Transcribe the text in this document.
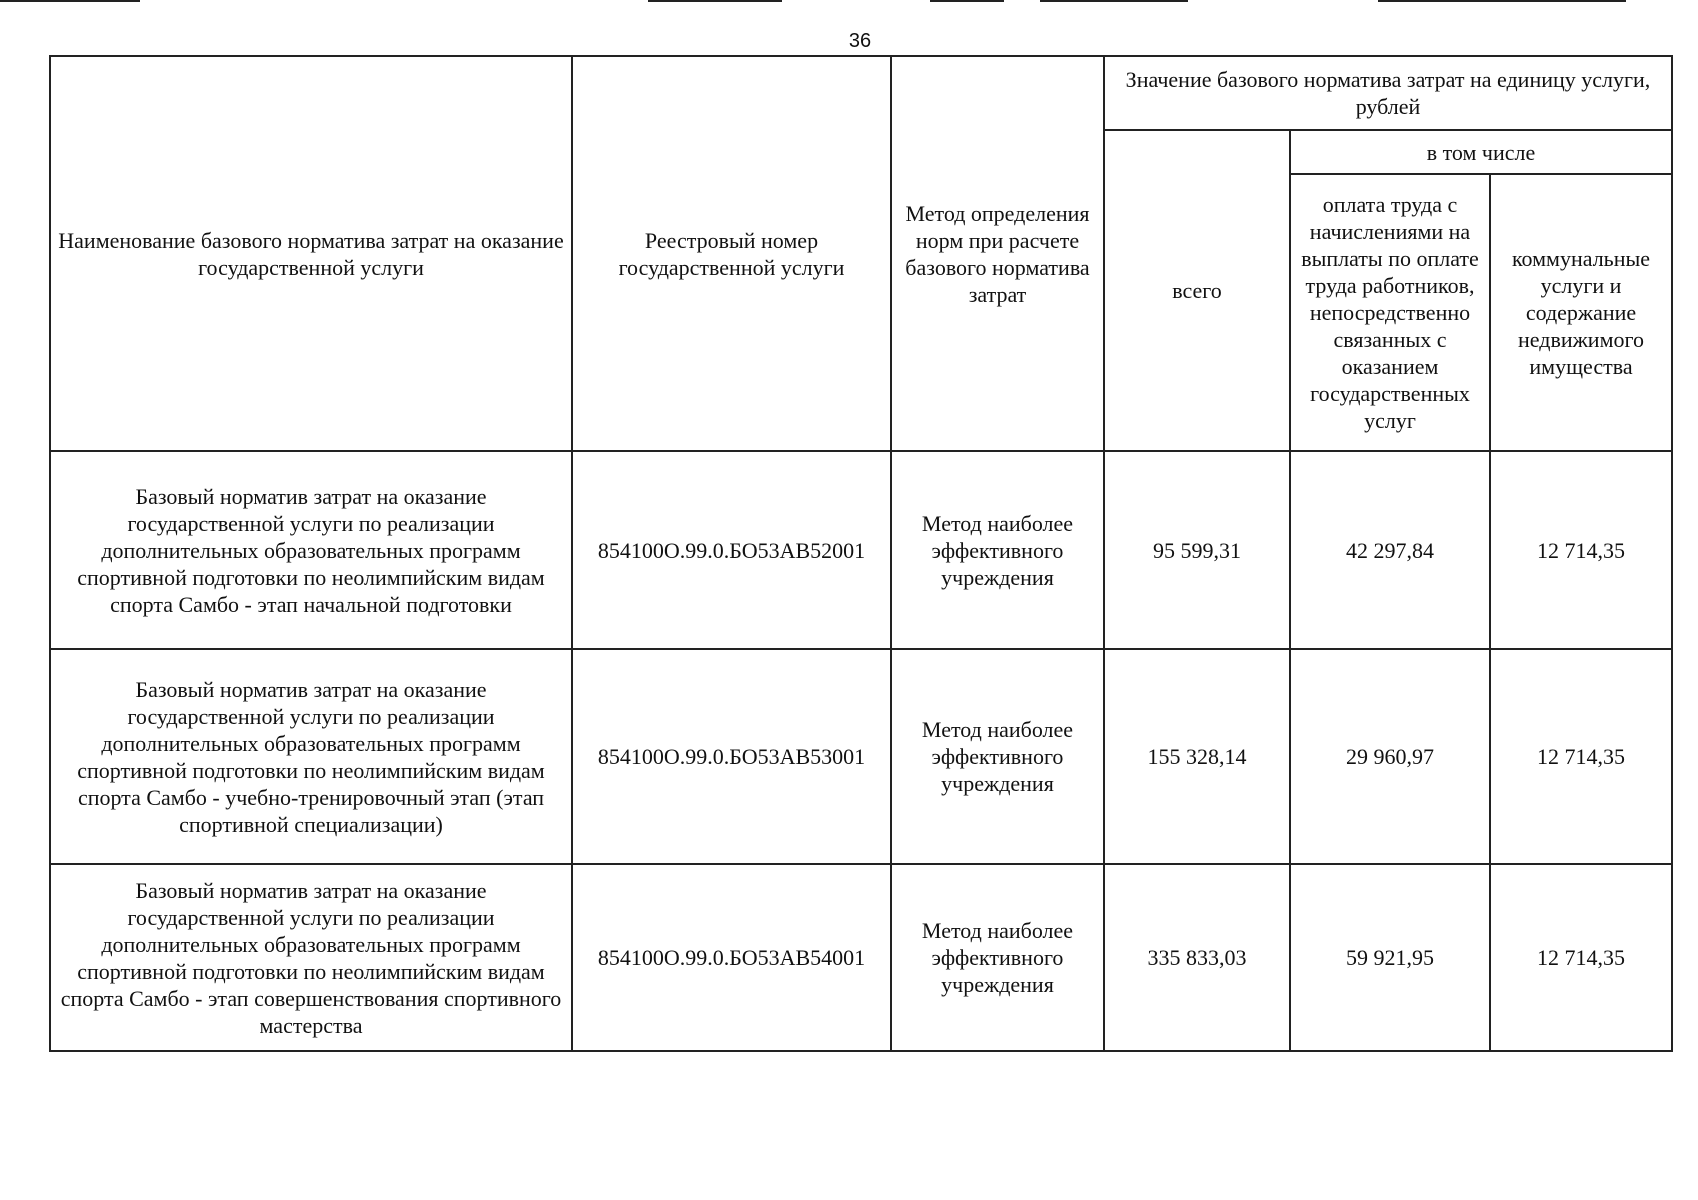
36
Наименование базового норматива затрат на оказание государственной услуги	Реестровый номер государственной услуги	Метод определения норм при расчете базового норматива затрат	Значение базового норматива затрат на единицу услуги, рублей		
			всего	в том числе	
				оплата труда с начислениями на выплаты по оплате труда работников, непосредственно связанных с оказанием государственных услуг	коммунальные услуги и содержание недвижимого имущества
Базовый норматив затрат на оказание государственной услуги по реализации дополнительных образовательных программ спортивной подготовки по неолимпийским видам спорта Самбо - этап начальной подготовки	854100О.99.0.БО53АВ52001	Метод наиболее эффективного учреждения	95 599,31	42 297,84	12 714,35
Базовый норматив затрат на оказание государственной услуги по реализации дополнительных образовательных программ спортивной подготовки по неолимпийским видам спорта Самбо - учебно-тренировочный этап (этап спортивной специализации)	854100О.99.0.БО53АВ53001	Метод наиболее эффективного учреждения	155 328,14	29 960,97	12 714,35
Базовый норматив затрат на оказание государственной услуги по реализации дополнительных образовательных программ спортивной подготовки по неолимпийским видам спорта Самбо - этап совершенствования спортивного мастерства	854100О.99.0.БО53АВ54001	Метод наиболее эффективного учреждения	335 833,03	59 921,95	12 714,35
